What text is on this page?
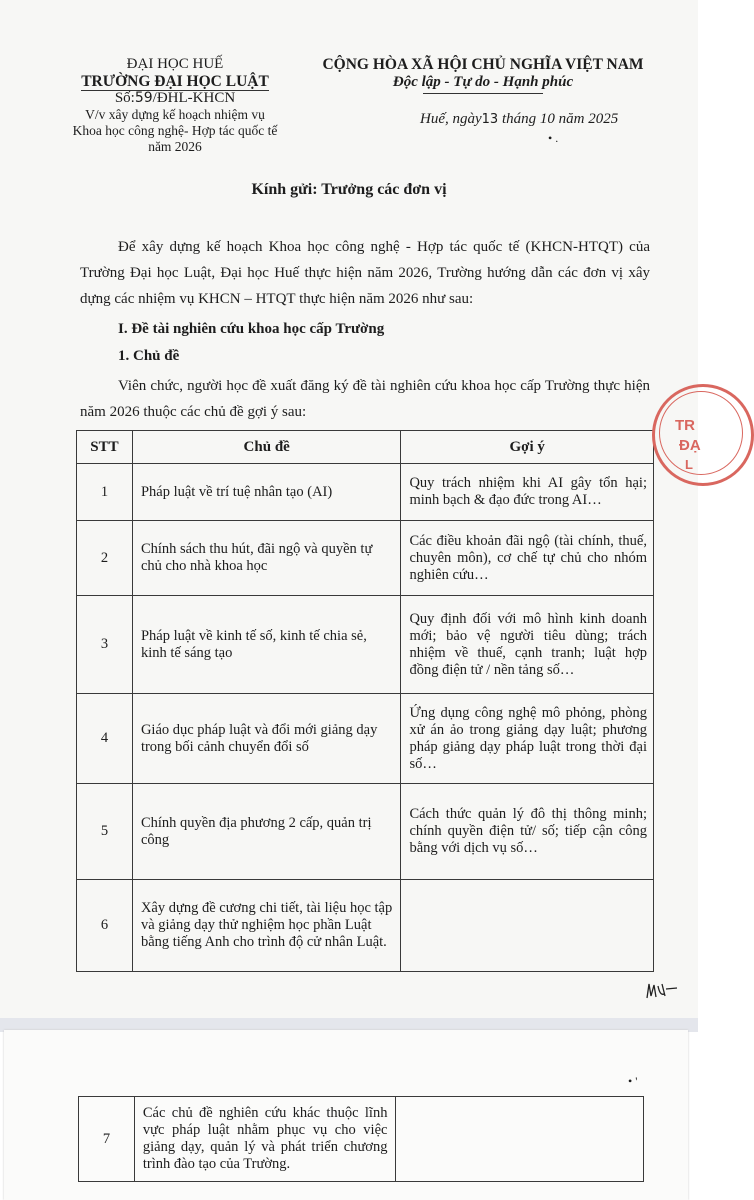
ĐẠI HỌC HUẾ
TRƯỜNG ĐẠI HỌC LUẬT
Số:59/ĐHL-KHCN
V/v xây dựng kế hoạch nhiệm vụ
Khoa học công nghệ- Hợp tác quốc tế
năm 2026
CỘNG HÒA XÃ HỘI CHỦ NGHĨA VIỆT NAM
Độc lập - Tự do - Hạnh phúc
Huế, ngày13 tháng 10 năm 2025
• .
Kính gửi: Trưởng các đơn vị
Để xây dựng kế hoạch Khoa học công nghệ - Hợp tác quốc tế (KHCN-HTQT) của Trường Đại học Luật, Đại học Huế thực hiện năm 2026, Trường hướng dẫn các đơn vị xây dựng các nhiệm vụ KHCN – HTQT thực hiện năm 2026 như sau:
I. Đề tài nghiên cứu khoa học cấp Trường
1. Chủ đề
Viên chức, người học đề xuất đăng ký đề tài nghiên cứu khoa học cấp Trường thực hiện năm 2026 thuộc các chủ đề gợi ý sau:
STT	Chủ đề	Gợi ý
1	Pháp luật về trí tuệ nhân tạo (AI)	Quy trách nhiệm khi AI gây tổn hại; minh bạch & đạo đức trong AI…
2	Chính sách thu hút, đãi ngộ và quyền tự chủ cho nhà khoa học	Các điều khoản đãi ngộ (tài chính, thuế, chuyên môn), cơ chế tự chủ cho nhóm nghiên cứu…
3	Pháp luật về kinh tế số, kinh tế chia sẻ, kinh tế sáng tạo	Quy định đối với mô hình kinh doanh mới; bảo vệ người tiêu dùng; trách nhiệm về thuế, cạnh tranh; luật hợp đồng điện tử / nền tảng số…
4	Giáo dục pháp luật và đổi mới giảng dạy trong bối cảnh chuyển đổi số	Ứng dụng công nghệ mô phỏng, phòng xử án ảo trong giảng dạy luật; phương pháp giảng dạy pháp luật trong thời đại số…
5	Chính quyền địa phương 2 cấp, quản trị công	Cách thức quản lý đô thị thông minh; chính quyền điện tử/ số; tiếp cận công bằng với dịch vụ số…
6	Xây dựng đề cương chi tiết, tài liệu học tập và giảng dạy thử nghiệm học phần Luật bằng tiếng Anh cho trình độ cử nhân Luật.	
TR
ĐẠ
L
• '
7	Các chủ đề nghiên cứu khác thuộc lĩnh vực pháp luật nhằm phục vụ cho việc giảng dạy, quản lý và phát triển chương trình đào tạo của Trường.	
